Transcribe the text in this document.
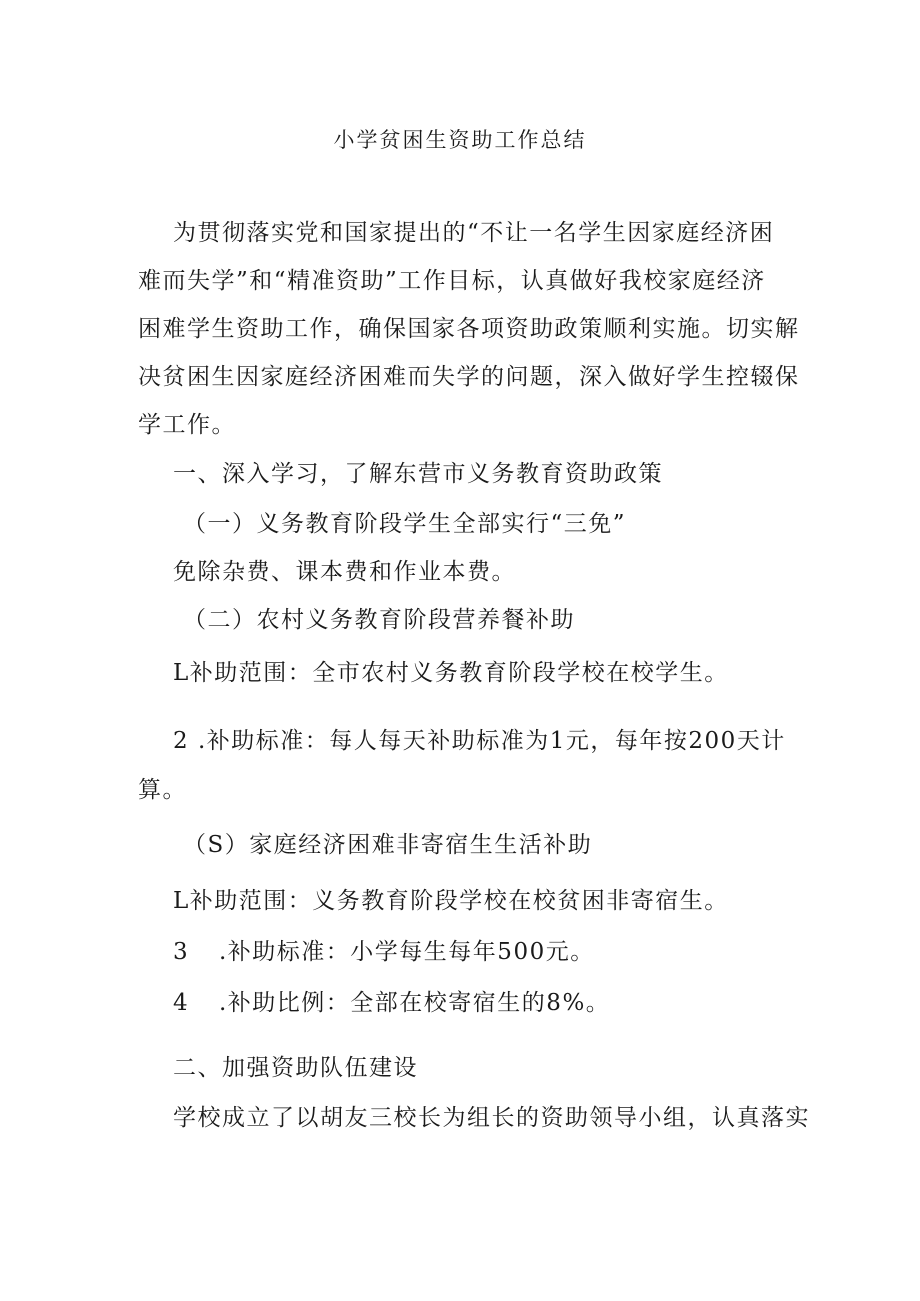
小学贫困生资助工作总结
为贯彻落实党和国家提出的“不让一名学生因家庭经济困
难而失学”和“精准资助”工作目标，认真做好我校家庭经济
困难学生资助工作，确保国家各项资助政策顺利实施。切实解
决贫困生因家庭经济困难而失学的问题，深入做好学生控辍保
学工作。
一、深入学习，了解东营市义务教育资助政策
（一）义务教育阶段学生全部实行“三免”
免除杂费、课本费和作业本费。
（二）农村义务教育阶段营养餐补助
L补助范围：全市农村义务教育阶段学校在校学生。
2 .补助标准：每人每天补助标准为1元，每年按200天计
算。
（S）家庭经济困难非寄宿生生活补助
L补助范围：义务教育阶段学校在校贫困非寄宿生。
3 .补助标准：小学每生每年500元。
4 .补助比例：全部在校寄宿生的8%。
二、加强资助队伍建设
学校成立了以胡友三校长为组长的资助领导小组，认真落实
